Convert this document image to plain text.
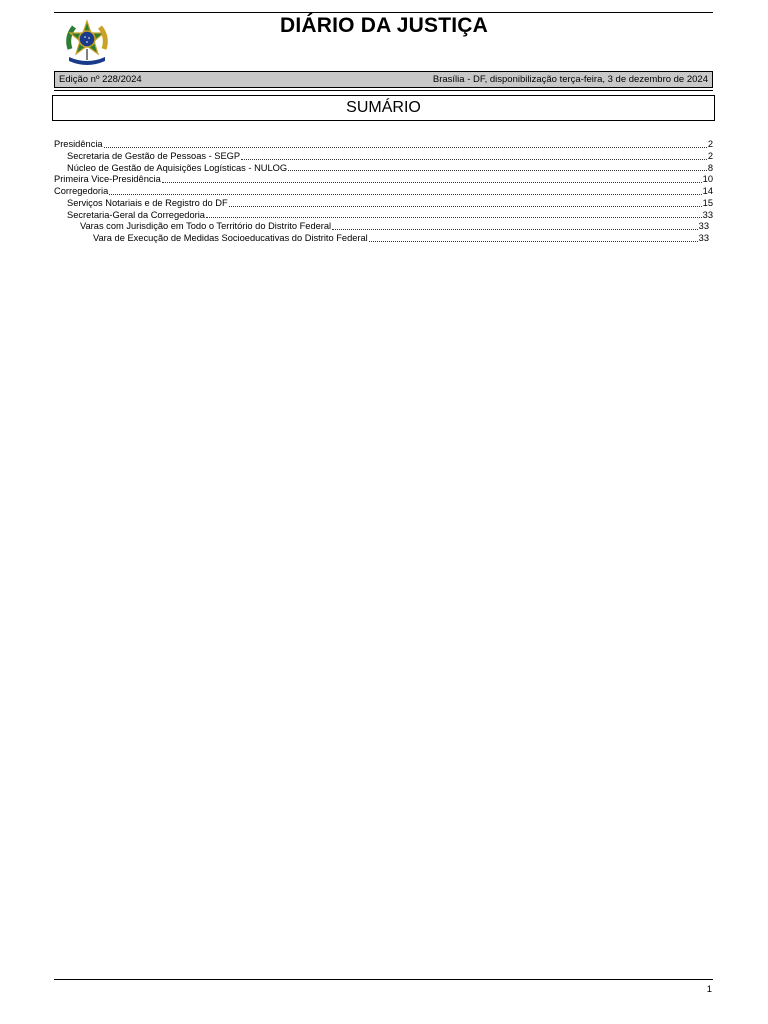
DIÁRIO DA JUSTIÇA
Edição nº 228/2024	Brasília - DF, disponibilização terça-feira, 3 de dezembro de 2024
SUMÁRIO
Presidência	2
Secretaria de Gestão de Pessoas - SEGP	2
Núcleo de Gestão de Aquisições Logísticas - NULOG	8
Primeira Vice-Presidência	10
Corregedoria	14
Serviços Notariais e de Registro do DF	15
Secretaria-Geral da Corregedoria	33
Varas com Jurisdição em Todo o Território do Distrito Federal	33
Vara de Execução de Medidas Socioeducativas do Distrito Federal	33
1
